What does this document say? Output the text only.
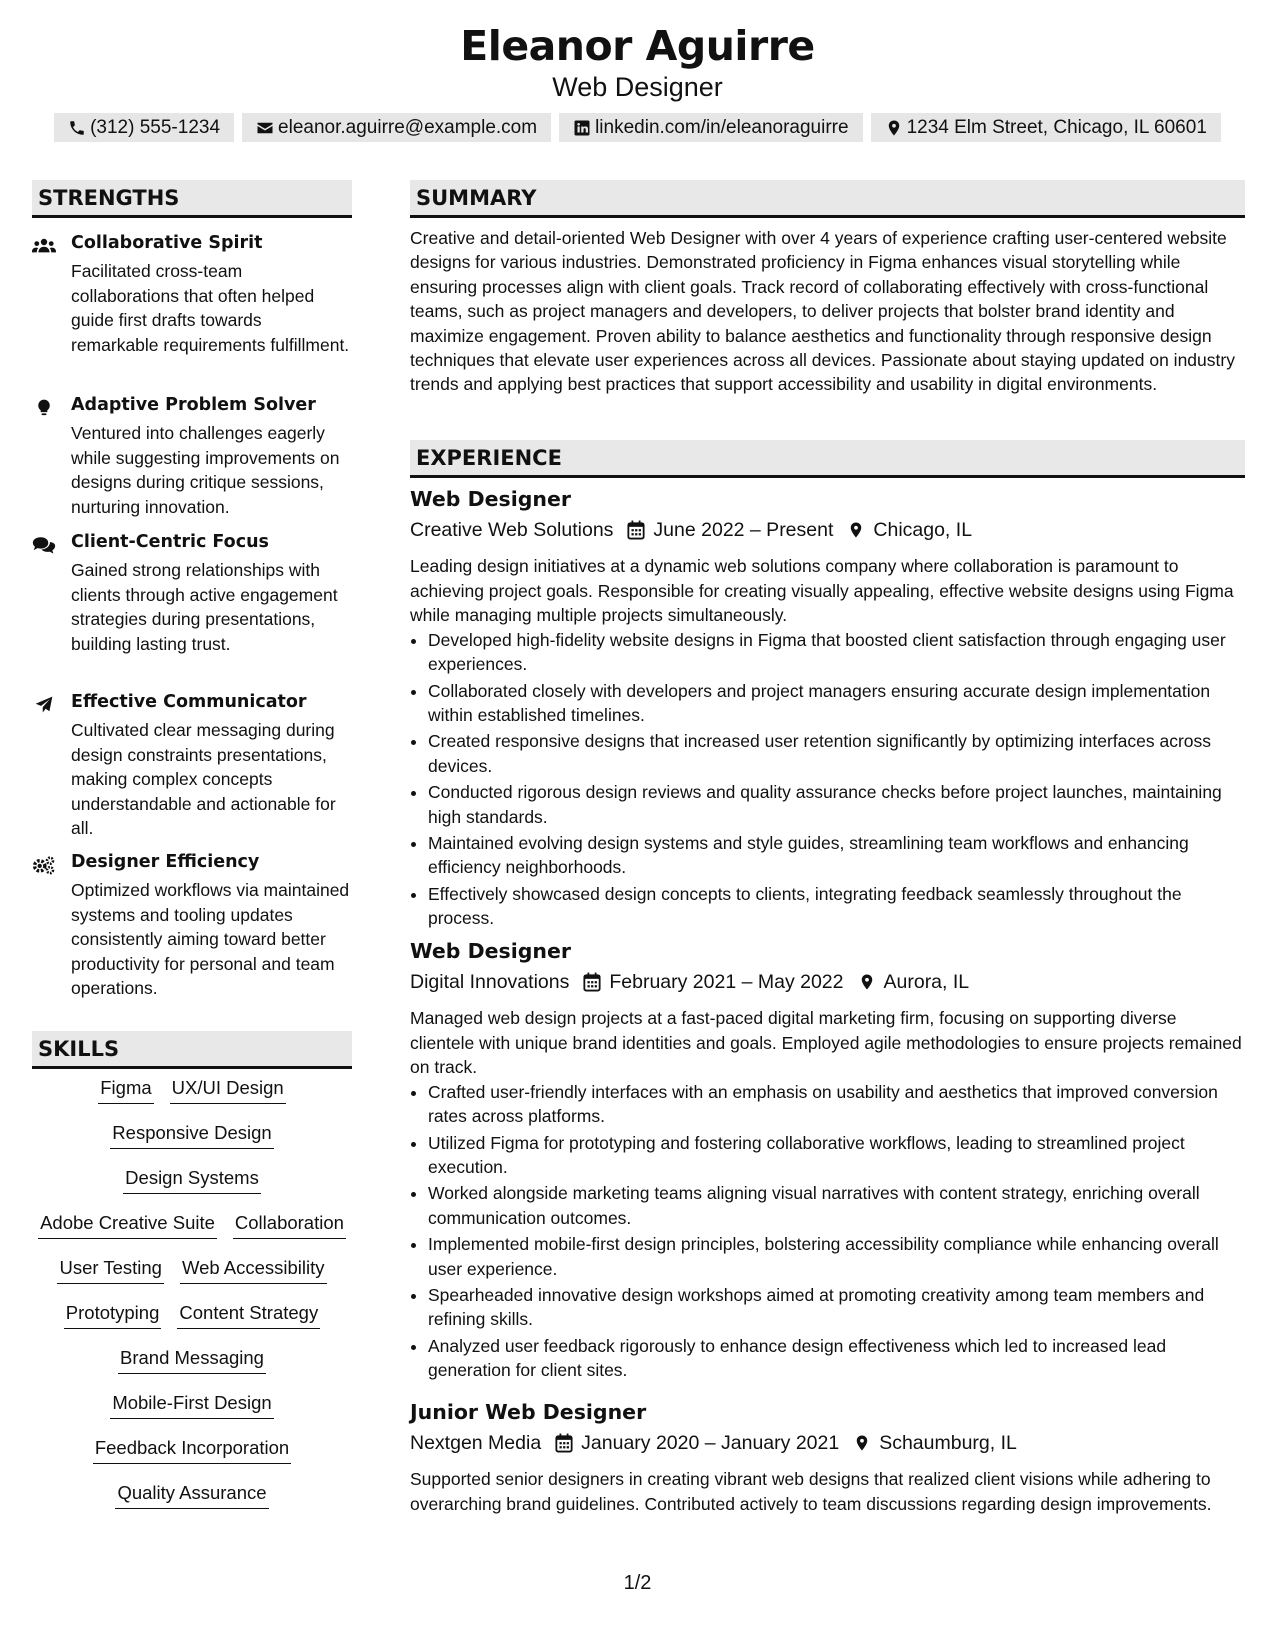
Eleanor Aguirre
Web Designer
(312) 555-1234	eleanor.aguirre@example.com	linkedin.com/in/eleanoraguirre	1234 Elm Street, Chicago, IL 60601
STRENGTHS
Collaborative Spirit
Facilitated cross-team collaborations that often helped guide first drafts towards remarkable requirements fulfillment.
Adaptive Problem Solver
Ventured into challenges eagerly while suggesting improvements on designs during critique sessions, nurturing innovation.
Client-Centric Focus
Gained strong relationships with clients through active engagement strategies during presentations, building lasting trust.
Effective Communicator
Cultivated clear messaging during design constraints presentations, making complex concepts understandable and actionable for all.
Designer Efficiency
Optimized workflows via maintained systems and tooling updates consistently aiming toward better productivity for personal and team operations.
SKILLS
Figma UX/UI Design
Responsive Design
Design Systems
Adobe Creative Suite Collaboration
User Testing Web Accessibility
Prototyping Content Strategy
Brand Messaging
Mobile-First Design
Feedback Incorporation
Quality Assurance
SUMMARY
Creative and detail-oriented Web Designer with over 4 years of experience crafting user-centered website designs for various industries. Demonstrated proficiency in Figma enhances visual storytelling while ensuring processes align with client goals. Track record of collaborating effectively with cross-functional teams, such as project managers and developers, to deliver projects that bolster brand identity and maximize engagement. Proven ability to balance aesthetics and functionality through responsive design techniques that elevate user experiences across all devices. Passionate about staying updated on industry trends and applying best practices that support accessibility and usability in digital environments.
EXPERIENCE
Web Designer
Creative Web Solutions June 2022 – Present Chicago, IL
Leading design initiatives at a dynamic web solutions company where collaboration is paramount to achieving project goals. Responsible for creating visually appealing, effective website designs using Figma while managing multiple projects simultaneously.
• Developed high-fidelity website designs in Figma that boosted client satisfaction through engaging user experiences.
• Collaborated closely with developers and project managers ensuring accurate design implementation within established timelines.
• Created responsive designs that increased user retention significantly by optimizing interfaces across devices.
• Conducted rigorous design reviews and quality assurance checks before project launches, maintaining high standards.
• Maintained evolving design systems and style guides, streamlining team workflows and enhancing efficiency neighborhoods.
• Effectively showcased design concepts to clients, integrating feedback seamlessly throughout the process.
Web Designer
Digital Innovations February 2021 – May 2022 Aurora, IL
Managed web design projects at a fast-paced digital marketing firm, focusing on supporting diverse clientele with unique brand identities and goals. Employed agile methodologies to ensure projects remained on track.
• Crafted user-friendly interfaces with an emphasis on usability and aesthetics that improved conversion rates across platforms.
• Utilized Figma for prototyping and fostering collaborative workflows, leading to streamlined project execution.
• Worked alongside marketing teams aligning visual narratives with content strategy, enriching overall communication outcomes.
• Implemented mobile-first design principles, bolstering accessibility compliance while enhancing overall user experience.
• Spearheaded innovative design workshops aimed at promoting creativity among team members and refining skills.
• Analyzed user feedback rigorously to enhance design effectiveness which led to increased lead generation for client sites.
Junior Web Designer
Nextgen Media January 2020 – January 2021 Schaumburg, IL
Supported senior designers in creating vibrant web designs that realized client visions while adhering to overarching brand guidelines. Contributed actively to team discussions regarding design improvements.
1/2
